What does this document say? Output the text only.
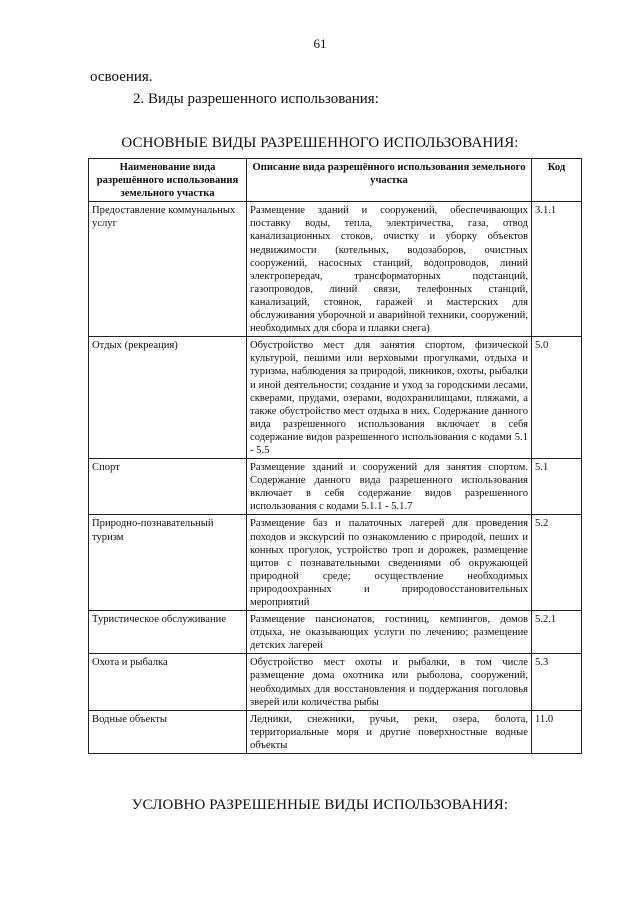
61
освоения.
2. Виды разрешенного использования:
ОСНОВНЫЕ ВИДЫ РАЗРЕШЕННОГО ИСПОЛЬЗОВАНИЯ:
Наименование вида разрешённого использования земельного участка	Описание вида разрешённого использования земельного участка	Код
Предоставление коммунальных услуг	Размещение зданий и сооружений, обеспечивающих поставку воды, тепла, электричества, газа, отвод канализационных стоков, очистку и уборку объектов недвижимости (котельных, водозаборов, очистных сооружений, насосных станций, водопроводов, линий электропередач, трансформаторных подстанций, газопроводов, линий связи, телефонных станций, канализаций, стоянок, гаражей и мастерских для обслуживания уборочной и аварийной техники, сооружений, необходимых для сбора и плавки снега)	3.1.1
Отдых (рекреация)	Обустройство мест для занятия спортом, физической культурой, пешими или верховыми прогулками, отдыха и туризма, наблюдения за природой, пикников, охоты, рыбалки и иной деятельности; создание и уход за городскими лесами, скверами, прудами, озерами, водохранилищами, пляжами, а также обустройство мест отдыха в них. Содержание данного вида разрешенного использования включает в себя содержание видов разрешенного использования с кодами 5.1 - 5.5	5.0
Спорт	Размещение зданий и сооружений для занятия спортом. Содержание данного вида разрешенного использования включает в себя содержание видов разрешенного использования с кодами 5.1.1 - 5.1.7	5.1
Природно-познавательный туризм	Размещение баз и палаточных лагерей для проведения походов и экскурсий по ознакомлению с природой, пеших и конных прогулок, устройство троп и дорожек, размещение щитов с познавательными сведениями об окружающей природной среде; осуществление необходимых природоохранных и природовосстановительных мероприятий	5.2
Туристическое обслуживание	Размещение пансионатов, гостиниц, кемпингов, домов отдыха, не оказывающих услуги по лечению; размещение детских лагерей	5.2.1
Охота и рыбалка	Обустройство мест охоты и рыбалки, в том числе размещение дома охотника или рыболова, сооружений, необходимых для восстановления и поддержания поголовья зверей или количества рыбы	5.3
Водные объекты	Ледники, снежники, ручьи, реки, озера, болота, территориальные моря и другие поверхностные водные объекты	11.0
УСЛОВНО РАЗРЕШЕННЫЕ ВИДЫ ИСПОЛЬЗОВАНИЯ:
